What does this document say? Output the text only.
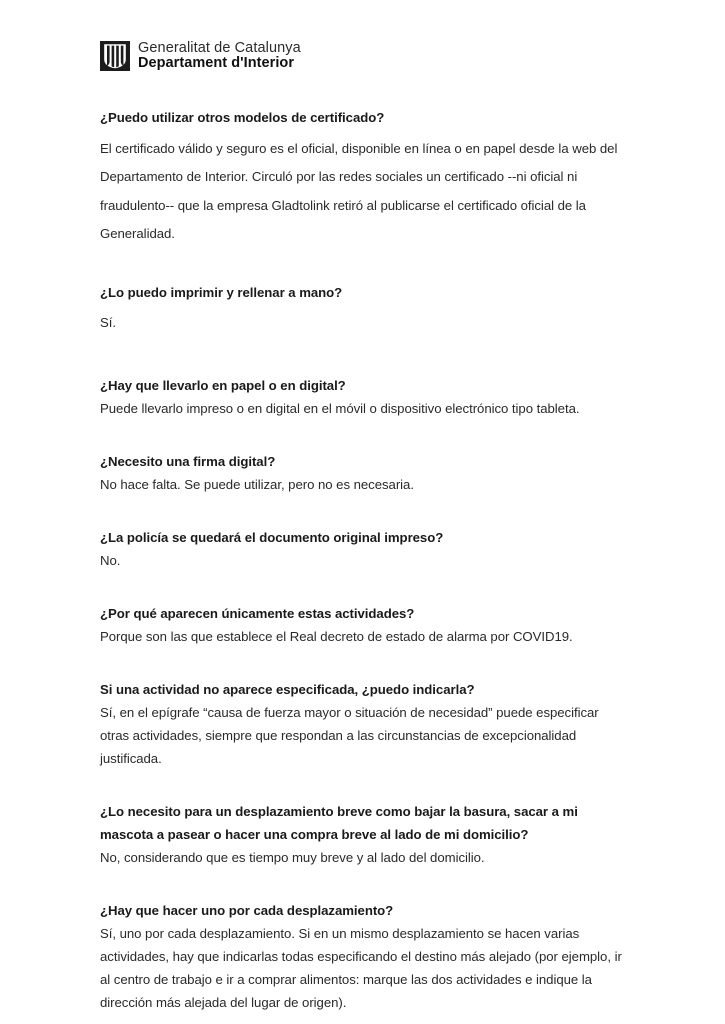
Generalitat de Catalunya
Departament d'Interior

¿Puedo utilizar otros modelos de certificado?

El certificado válido y seguro es el oficial, disponible en línea o en papel desde la web del Departamento de Interior. Circuló por las redes sociales un certificado --ni oficial ni fraudulento-- que la empresa Gladtolink retiró al publicarse el certificado oficial de la Generalidad.

¿Lo puedo imprimir y rellenar a mano?

Sí.

¿Hay que llevarlo en papel o en digital?

Puede llevarlo impreso o en digital en el móvil o dispositivo electrónico tipo tableta.

¿Necesito una firma digital?

No hace falta. Se puede utilizar, pero no es necesaria.

¿La policía se quedará el documento original impreso?

No.

¿Por qué aparecen únicamente estas actividades?

Porque son las que establece el Real decreto de estado de alarma por COVID19.

Si una actividad no aparece especificada, ¿puedo indicarla?

Sí, en el epígrafe “causa de fuerza mayor o situación de necesidad” puede especificar otras actividades, siempre que respondan a las circunstancias de excepcionalidad justificada.

¿Lo necesito para un desplazamiento breve como bajar la basura, sacar a mi mascota a pasear o hacer una compra breve al lado de mi domicilio?

No, considerando que es tiempo muy breve y al lado del domicilio.

¿Hay que hacer uno por cada desplazamiento?

Sí, uno por cada desplazamiento. Si en un mismo desplazamiento se hacen varias actividades, hay que indicarlas todas especificando el destino más alejado (por ejemplo, ir al centro de trabajo e ir a comprar alimentos: marque las dos actividades e indique la dirección más alejada del lugar de origen).
